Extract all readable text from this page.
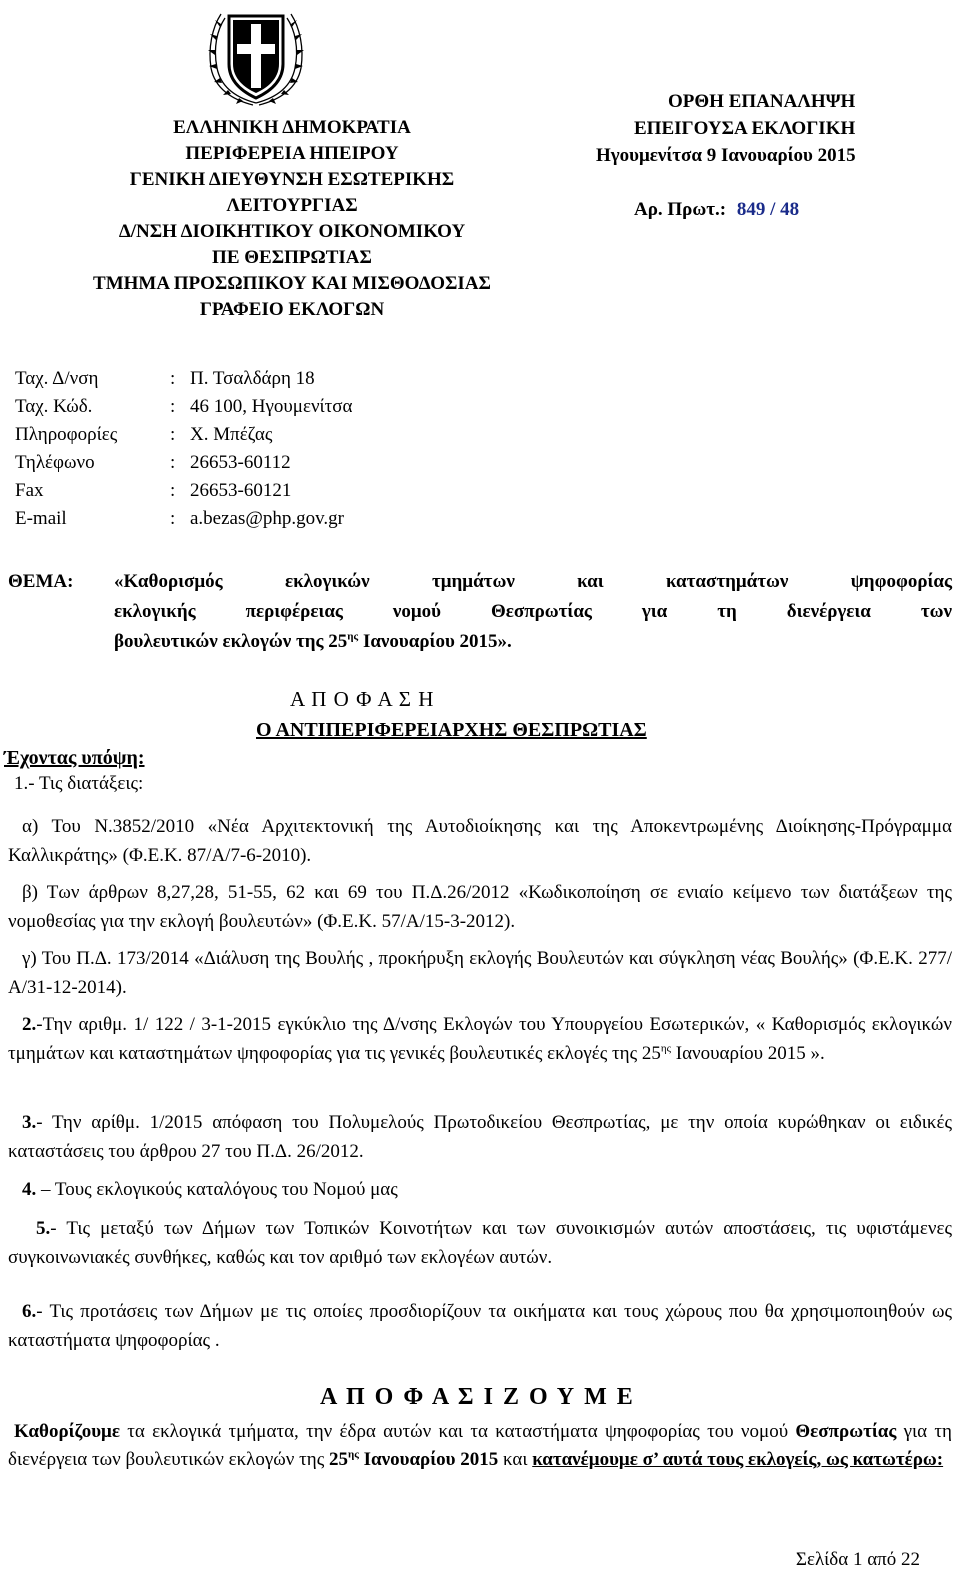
ΕΛΛΗΝΙΚΗ ΔΗΜΟΚΡΑΤΙΑ
ΠΕΡΙΦΕΡΕΙΑ ΗΠΕΙΡΟΥ
ΓΕΝΙΚΗ ΔΙΕΥΘΥΝΣΗ ΕΣΩΤΕΡΙΚΗΣ
ΛΕΙΤΟΥΡΓΙΑΣ
Δ/ΝΣΗ ΔΙΟΙΚΗΤΙΚΟΥ ΟΙΚΟΝΟΜΙΚΟΥ
ΠΕ ΘΕΣΠΡΩΤΙΑΣ
ΤΜΗΜΑ ΠΡΟΣΩΠΙΚΟΥ ΚΑΙ ΜΙΣΘΟΔΟΣΙΑΣ
ΓΡΑΦΕΙΟ ΕΚΛΟΓΩΝ
ΟΡΘΗ ΕΠΑΝΑΛΗΨΗ
ΕΠΕΙΓΟΥΣΑ ΕΚΛΟΓΙΚΗ
Ηγουμενίτσα 9 Ιανουαρίου 2015
Αρ. Πρωτ.: 849 / 48
Ταχ. Δ/νση	: Π. Τσαλδάρη 18
Ταχ. Κώδ.	: 46 100, Ηγουμενίτσα
Πληροφορίες	: Χ. Μπέζας
Τηλέφωνο	: 26653-60112
Fax	: 26653-60121
E-mail	: a.bezas@php.gov.gr
ΘΕΜΑ:	«Καθορισμός εκλογικών τμημάτων και καταστημάτων ψηφοφορίας
εκλογικής περιφέρειας νομού Θεσπρωτίας για τη διενέργεια των
βουλευτικών εκλογών της $25^{\eta\varsigma}$ Ιανουαρίου 2015».
Α Π Ο Φ Α Σ Η
Ο ΑΝΤΙΠΕΡΙΦΕΡΕΙΑΡΧΗΣ ΘΕΣΠΡΩΤΙΑΣ
Έχοντας υπόψη:
1.- Τις διατάξεις:
α) Του Ν.3852/2010 «Νέα Αρχιτεκτονική της Αυτοδιοίκησης και της Αποκεντρωμένης Διοίκησης-Πρόγραμμα Καλλικράτης» (Φ.Ε.Κ. 87/Α/7-6-2010).
β) Των άρθρων 8,27,28, 51-55, 62 και 69 του Π.Δ.26/2012 «Κωδικοποίηση σε ενιαίο κείμενο των διατάξεων της νομοθεσίας για την εκλογή βουλευτών» (Φ.Ε.Κ. 57/Α/15-3-2012).
γ) Του Π.Δ. 173/2014 «Διάλυση της Βουλής , προκήρυξη εκλογής Βουλευτών και σύγκληση νέας Βουλής» (Φ.Ε.Κ. 277/Α/31-12-2014).
2.-Την αριθμ. 1/ 122 / 3-1-2015 εγκύκλιο της Δ/νσης Εκλογών του Υπουργείου Εσωτερικών, « Καθορισμός εκλογικών τμημάτων και καταστημάτων ψηφοφορίας για τις γενικές βουλευτικές εκλογές της $25^{\eta\varsigma}$ Ιανουαρίου 2015 ».
3.- Την αρίθμ. 1/2015 απόφαση του Πολυμελούς Πρωτοδικείου Θεσπρωτίας, με την οποία κυρώθηκαν οι ειδικές καταστάσεις του άρθρου 27 του Π.Δ. 26/2012.
4. – Τους εκλογικούς καταλόγους του Νομού μας
5.- Τις μεταξύ των Δήμων των Τοπικών Κοινοτήτων και των συνοικισμών αυτών αποστάσεις, τις υφιστάμενες συγκοινωνιακές συνθήκες, καθώς και τον αριθμό των εκλογέων αυτών.
6.- Τις προτάσεις των Δήμων με τις οποίες προσδιορίζουν τα οικήματα και τους χώρους που θα χρησιμοποιηθούν ως καταστήματα ψηφοφορίας .
Α Π Ο Φ Α Σ Ι Ζ Ο Υ Μ Ε
Καθορίζουμε τα εκλογικά τμήματα, την έδρα αυτών και τα καταστήματα ψηφοφορίας του νομού Θεσπρωτίας για τη διενέργεια των βουλευτικών εκλογών της $25^{\eta\varsigma}$ Ιανουαρίου 2015 και κατανέμουμε σ’ αυτά τους εκλογείς, ως κατωτέρω:
Σελίδα 1 από 22
